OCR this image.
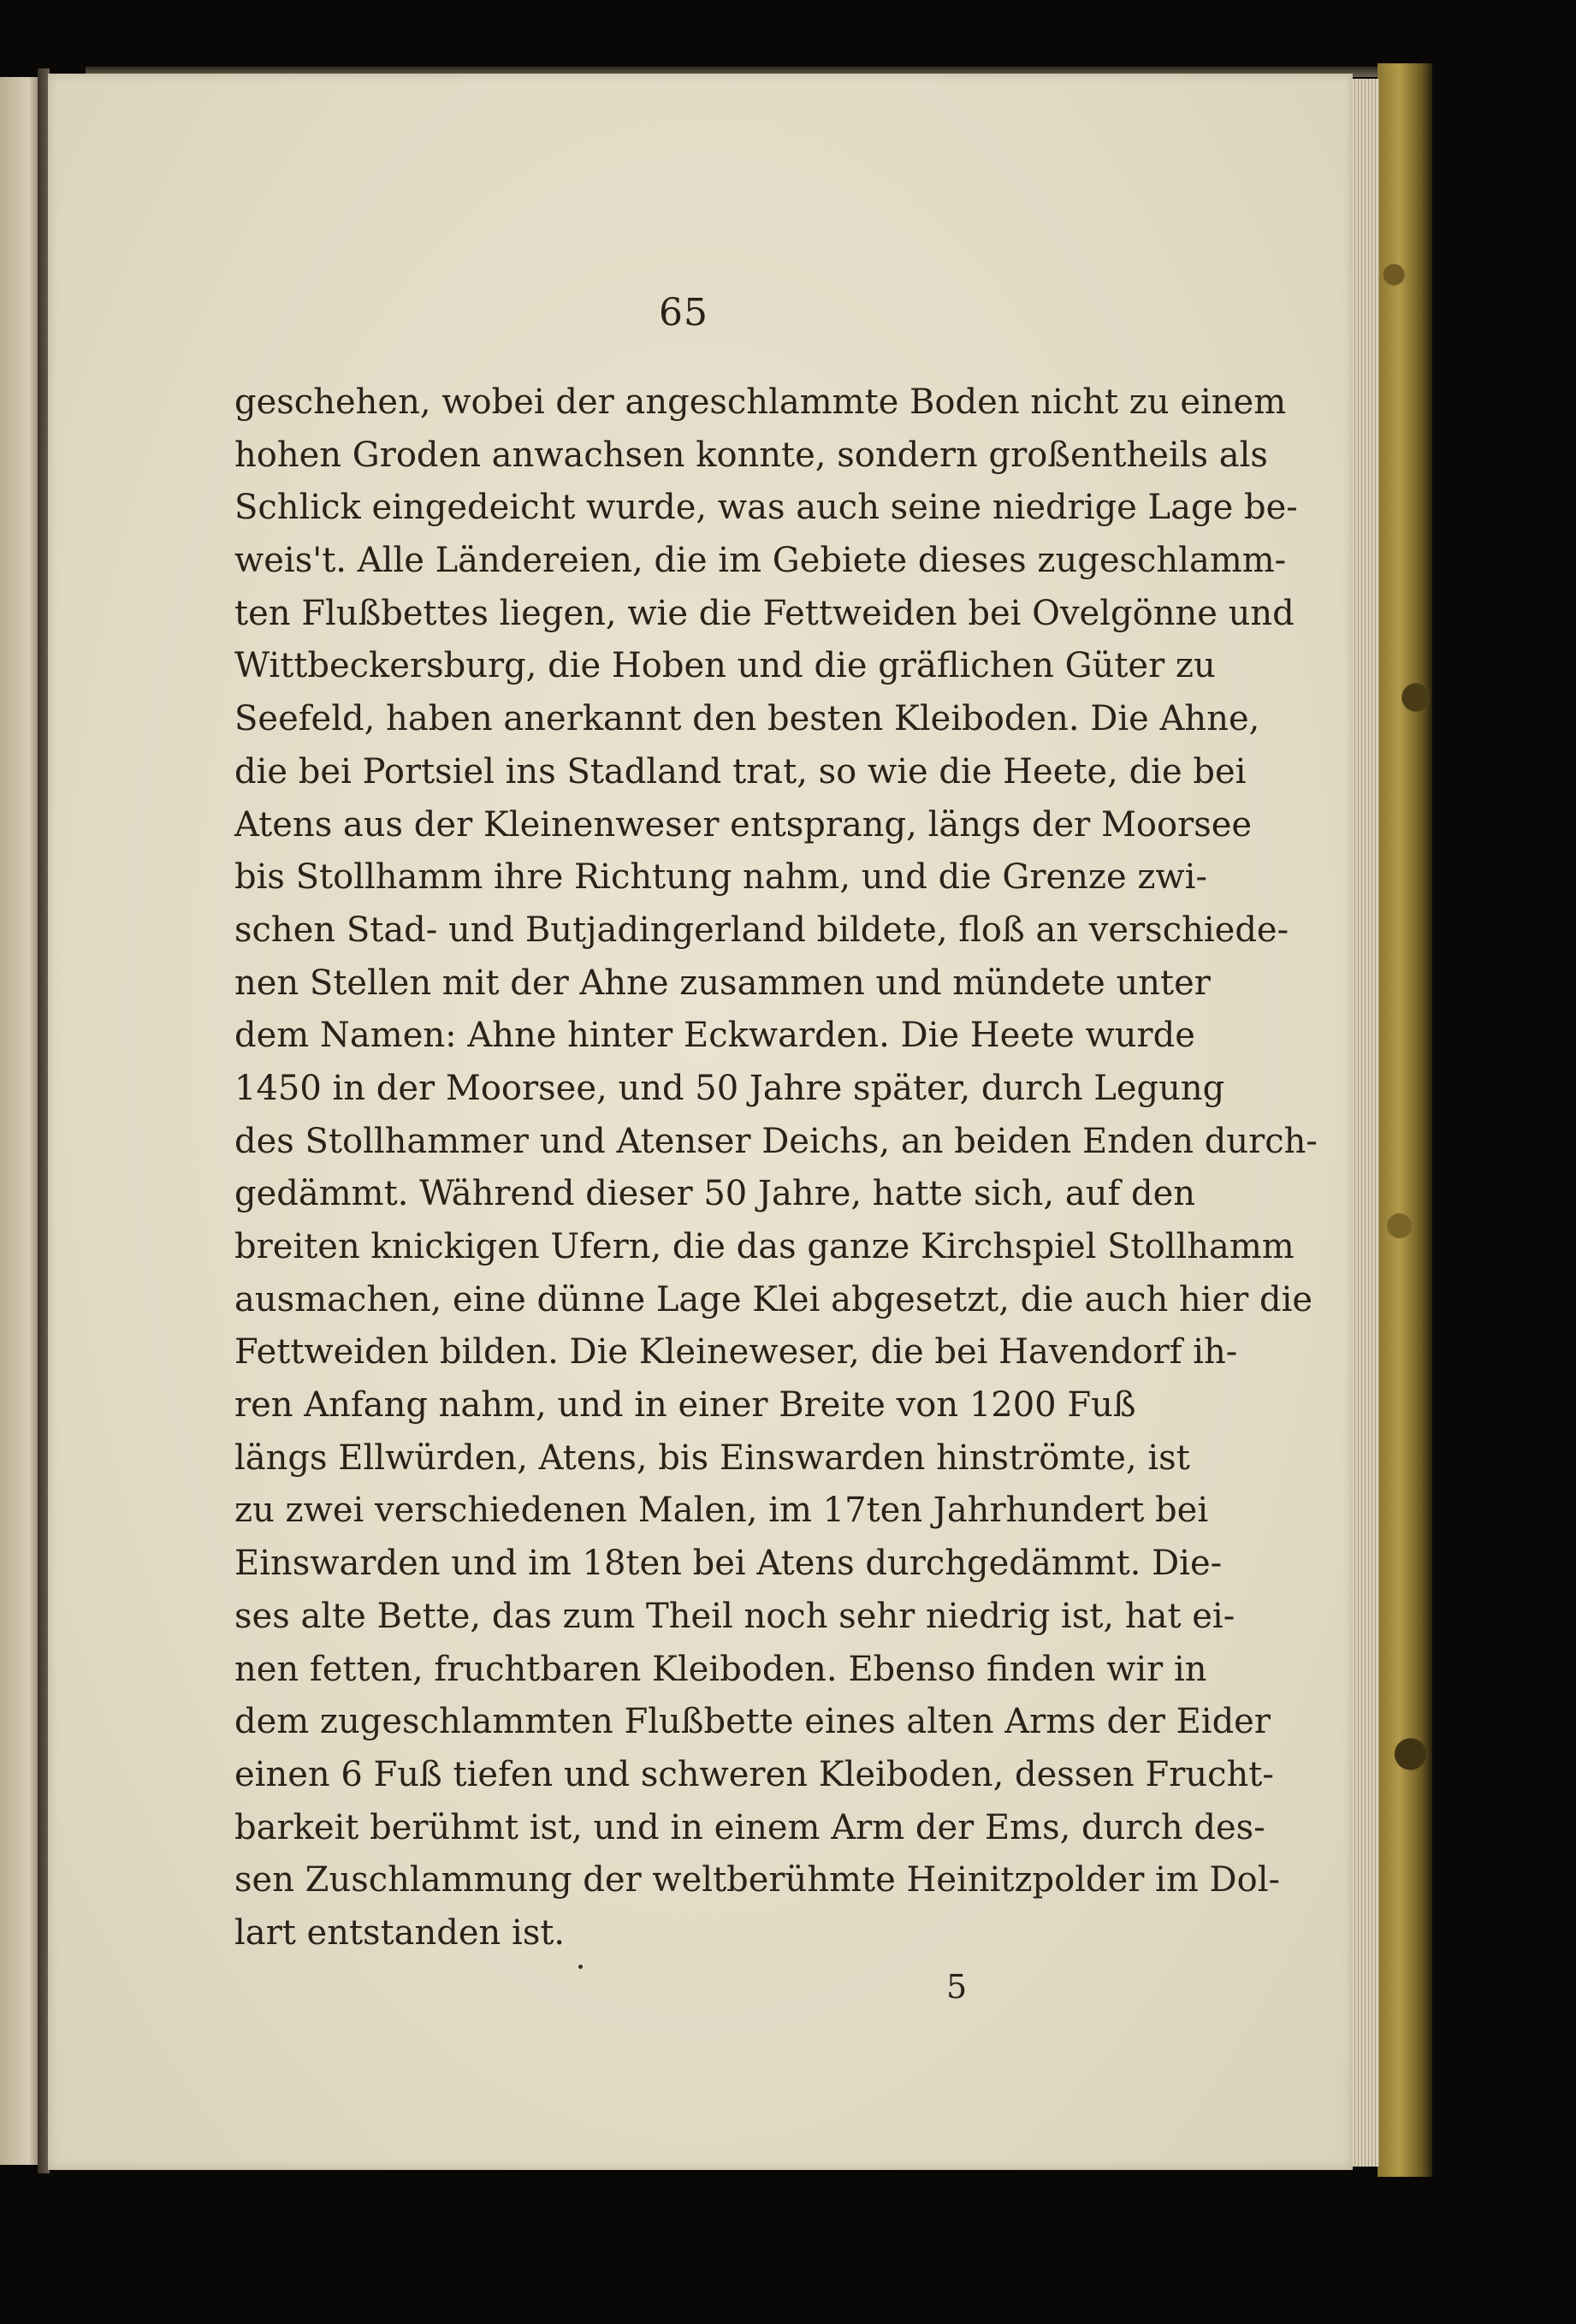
65
geschehen, wobei der angeschlammte Boden nicht zu einem
hohen Groden anwachsen konnte, sondern großentheils als
Schlick eingedeicht wurde, was auch seine niedrige Lage be-
weis't. Alle Ländereien, die im Gebiete dieses zugeschlamm-
ten Flußbettes liegen, wie die Fettweiden bei Ovelgönne und
Wittbeckersburg, die Hoben und die gräflichen Güter zu
Seefeld, haben anerkannt den besten Kleiboden. Die Ahne,
die bei Portsiel ins Stadland trat, so wie die Heete, die bei
Atens aus der Kleinenweser entsprang, längs der Moorsee
bis Stollhamm ihre Richtung nahm, und die Grenze zwi-
schen Stad- und Butjadingerland bildete, floß an verschiede-
nen Stellen mit der Ahne zusammen und mündete unter
dem Namen: Ahne hinter Eckwarden. Die Heete wurde
1450 in der Moorsee, und 50 Jahre später, durch Legung
des Stollhammer und Atenser Deichs, an beiden Enden durch-
gedämmt. Während dieser 50 Jahre, hatte sich, auf den
breiten knickigen Ufern, die das ganze Kirchspiel Stollhamm
ausmachen, eine dünne Lage Klei abgesetzt, die auch hier die
Fettweiden bilden. Die Kleineweser, die bei Havendorf ih-
ren Anfang nahm, und in einer Breite von 1200 Fuß
längs Ellwürden, Atens, bis Einswarden hinströmte, ist
zu zwei verschiedenen Malen, im 17ten Jahrhundert bei
Einswarden und im 18ten bei Atens durchgedämmt. Die-
ses alte Bette, das zum Theil noch sehr niedrig ist, hat ei-
nen fetten, fruchtbaren Kleiboden. Ebenso finden wir in
dem zugeschlammten Flußbette eines alten Arms der Eider
einen 6 Fuß tiefen und schweren Kleiboden, dessen Frucht-
barkeit berühmt ist, und in einem Arm der Ems, durch des-
sen Zuschlammung der weltberühmte Heinitzpolder im Dol-
lart entstanden ist.
5
